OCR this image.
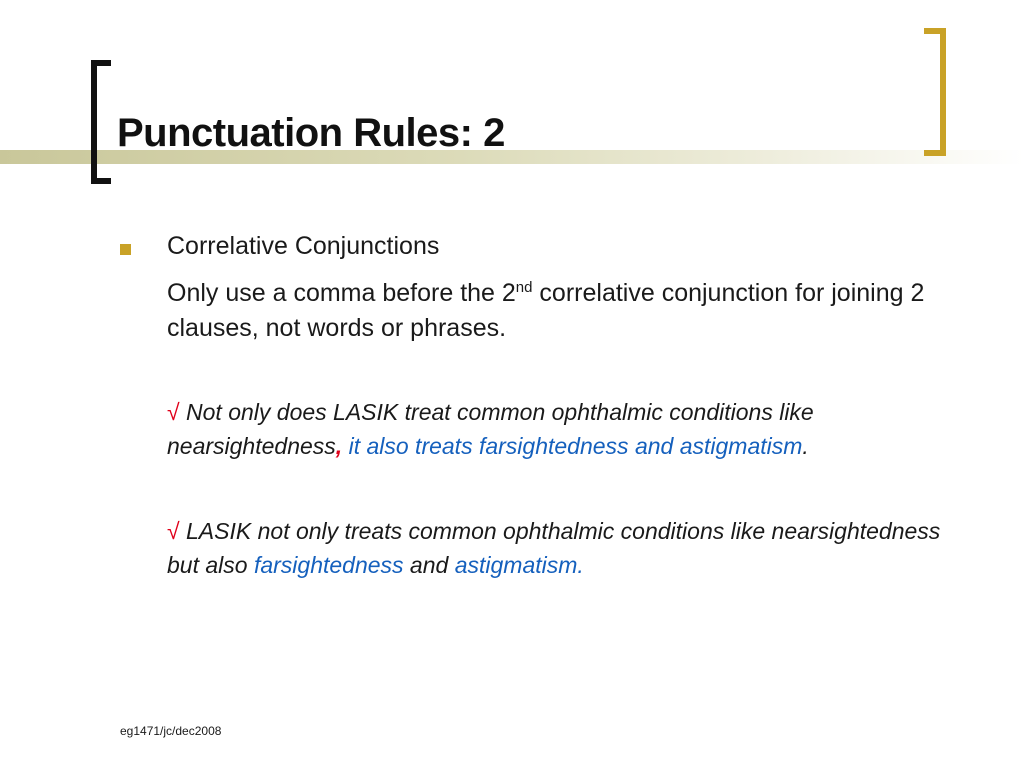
Punctuation Rules: 2
Correlative Conjunctions
Only use a comma before the 2nd correlative conjunction for joining 2 clauses, not words or phrases.
√ Not only does LASIK treat common ophthalmic conditions like nearsightedness, it also treats farsightedness and astigmatism.
√ LASIK not only treats common ophthalmic conditions like nearsightedness but also farsightedness and astigmatism.
eg1471/jc/dec2008
